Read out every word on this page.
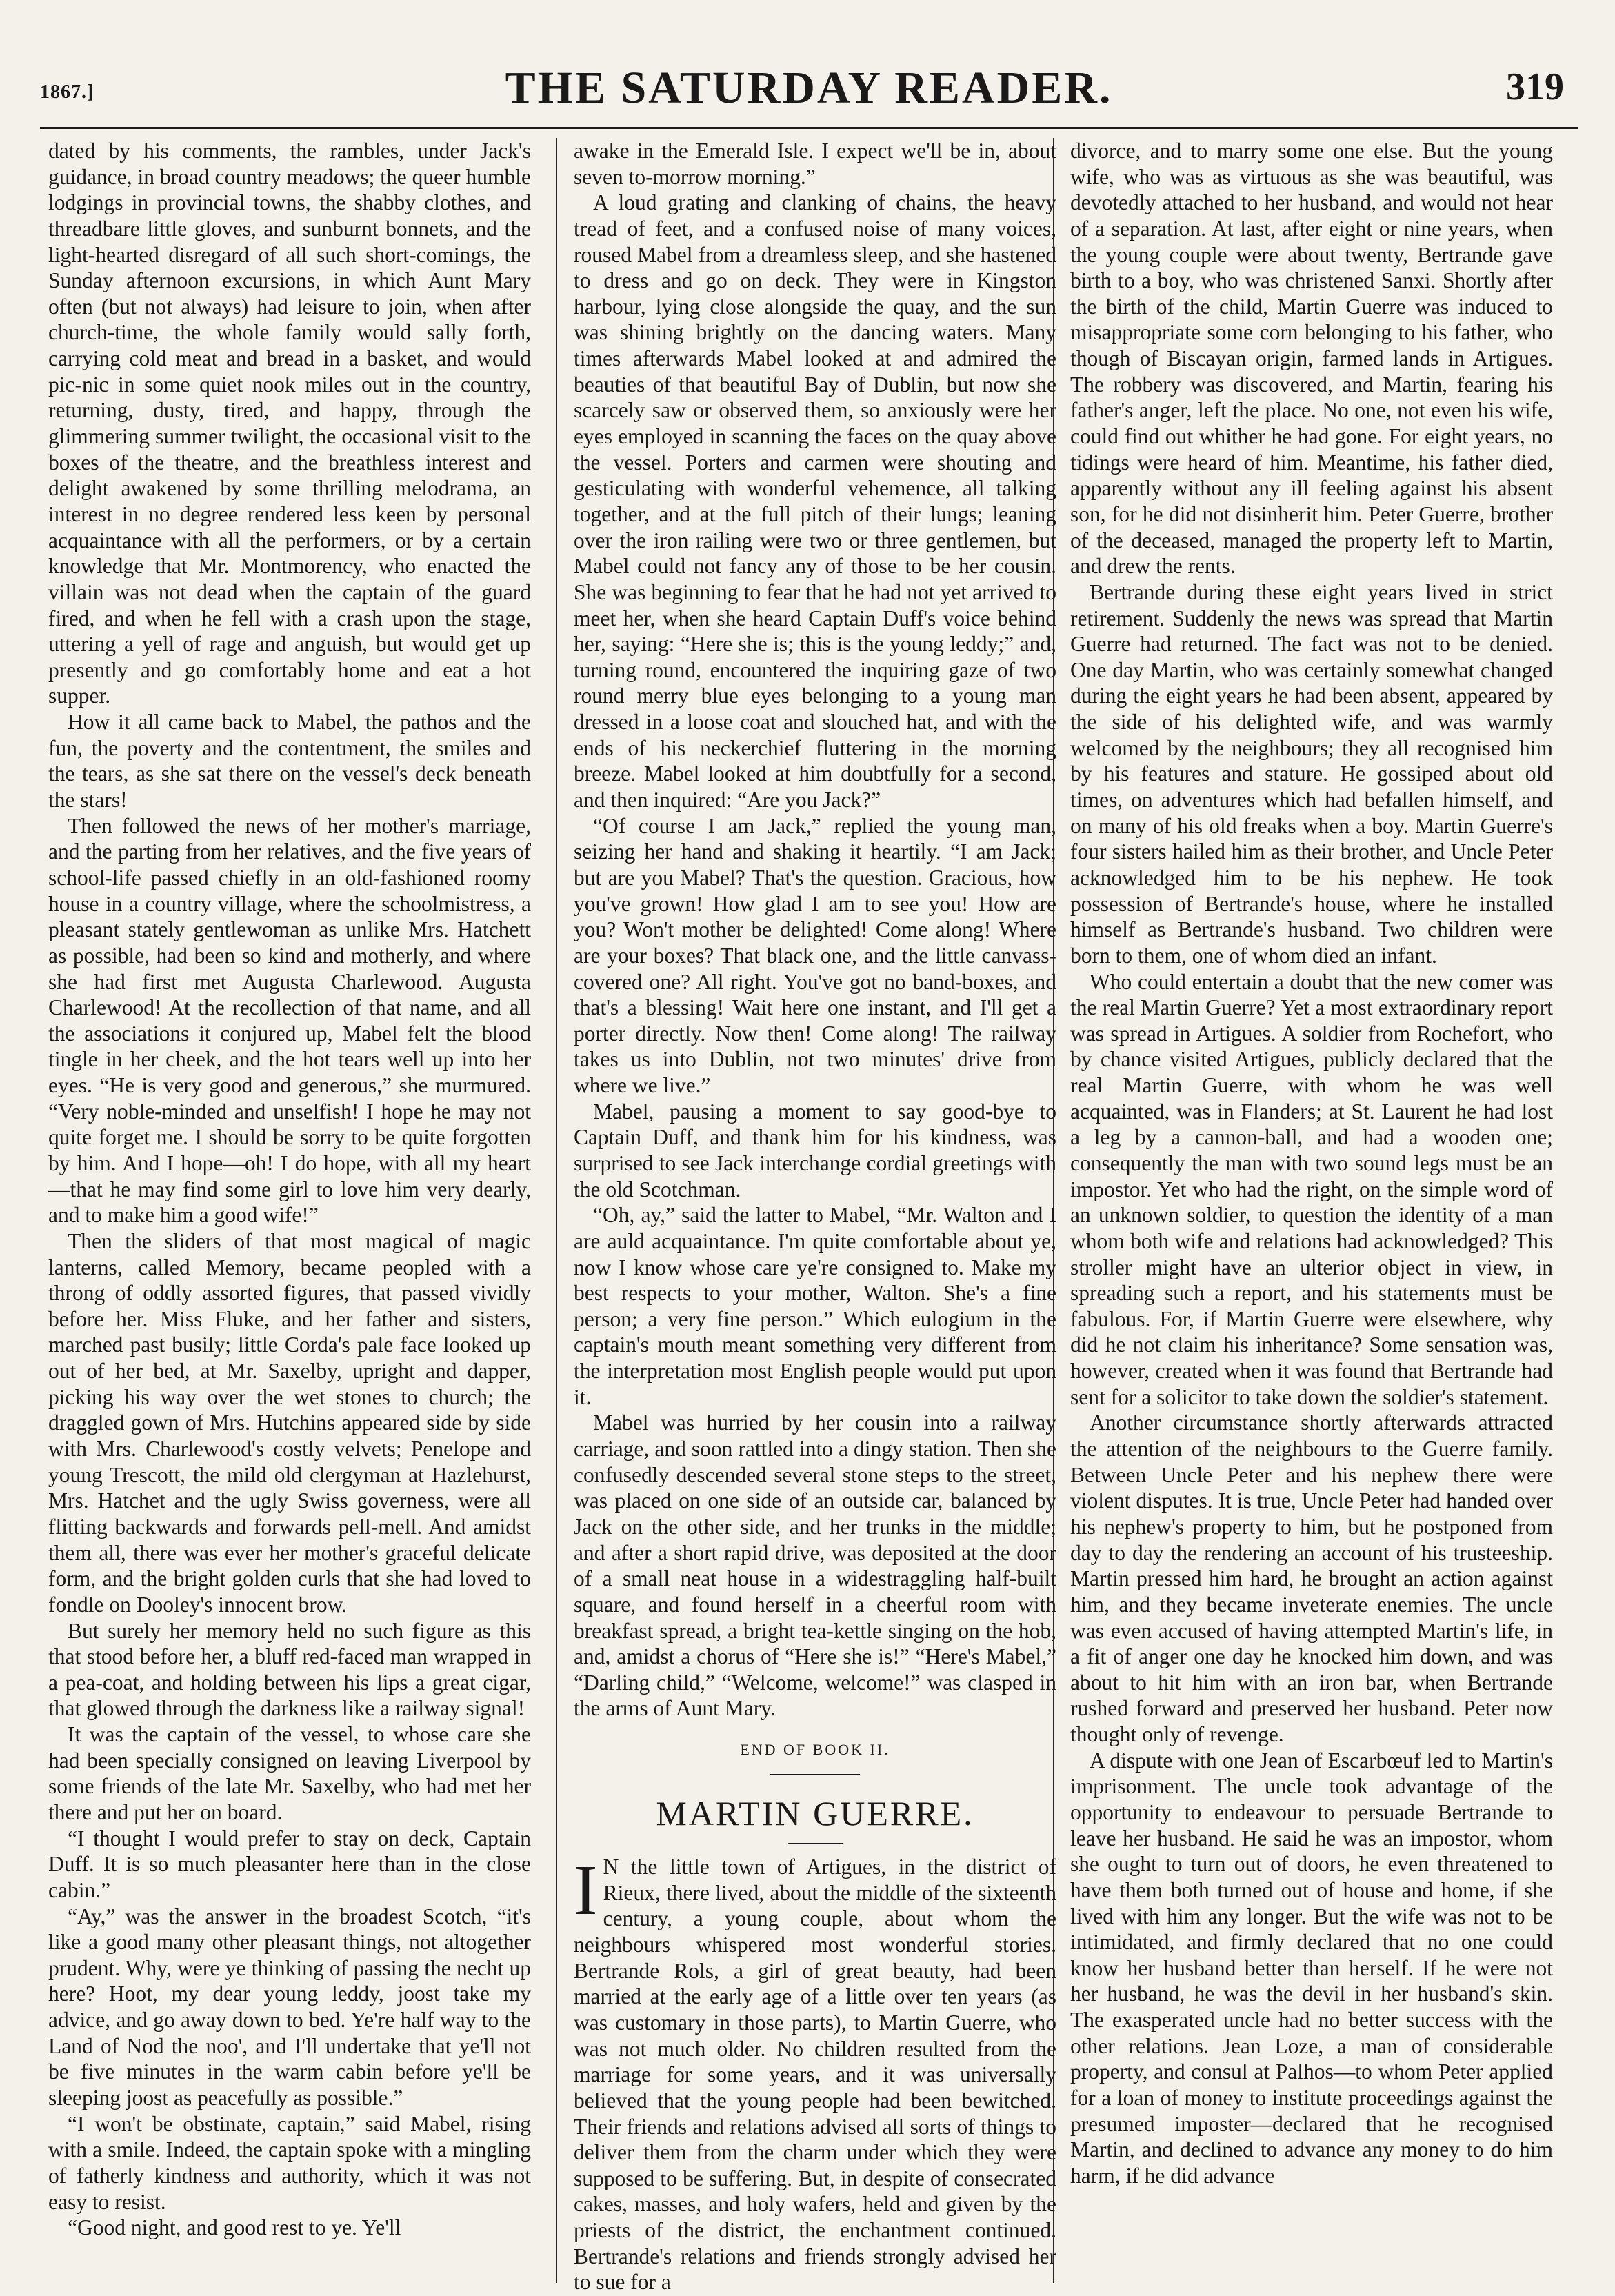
1867.]	THE SATURDAY READER.	319

dated by his comments, the rambles, under Jack's guidance, in broad country meadows; the queer humble lodgings in provincial towns, the shabby clothes, and threadbare little gloves, and sunburnt bonnets, and the light-hearted disregard of all such short-comings, the Sunday afternoon excursions, in which Aunt Mary often (but not always) had leisure to join, when after church-time, the whole family would sally forth, carrying cold meat and bread in a basket, and would pic-nic in some quiet nook miles out in the country, returning, dusty, tired, and happy, through the glimmering summer twilight, the occasional visit to the boxes of the theatre, and the breathless interest and delight awakened by some thrilling melodrama, an interest in no degree rendered less keen by personal acquaintance with all the performers, or by a certain knowledge that Mr. Montmorency, who enacted the villain was not dead when the captain of the guard fired, and when he fell with a crash upon the stage, uttering a yell of rage and anguish, but would get up presently and go comfortably home and eat a hot supper.

How it all came back to Mabel, the pathos and the fun, the poverty and the contentment, the smiles and the tears, as she sat there on the vessel's deck beneath the stars!

Then followed the news of her mother's marriage, and the parting from her relatives, and the five years of school-life passed chiefly in an old-fashioned roomy house in a country village, where the schoolmistress, a pleasant stately gentlewoman as unlike Mrs. Hatchett as possible, had been so kind and motherly, and where she had first met Augusta Charlewood. Augusta Charlewood! At the recollection of that name, and all the associations it conjured up, Mabel felt the blood tingle in her cheek, and the hot tears well up into her eyes. “He is very good and generous,” she murmured. “Very noble-minded and unselfish! I hope he may not quite forget me. I should be sorry to be quite forgotten by him. And I hope—oh! I do hope, with all my heart—that he may find some girl to love him very dearly, and to make him a good wife!”

Then the sliders of that most magical of magic lanterns, called Memory, became peopled with a throng of oddly assorted figures, that passed vividly before her. Miss Fluke, and her father and sisters, marched past busily; little Corda's pale face looked up out of her bed, at Mr. Saxelby, upright and dapper, picking his way over the wet stones to church; the draggled gown of Mrs. Hutchins appeared side by side with Mrs. Charlewood's costly velvets; Penelope and young Trescott, the mild old clergyman at Hazlehurst, Mrs. Hatchet and the ugly Swiss governess, were all flitting backwards and forwards pell-mell. And amidst them all, there was ever her mother's graceful delicate form, and the bright golden curls that she had loved to fondle on Dooley's innocent brow.

But surely her memory held no such figure as this that stood before her, a bluff red-faced man wrapped in a pea-coat, and holding between his lips a great cigar, that glowed through the darkness like a railway signal!

It was the captain of the vessel, to whose care she had been specially consigned on leaving Liverpool by some friends of the late Mr. Saxelby, who had met her there and put her on board.

“I thought I would prefer to stay on deck, Captain Duff. It is so much pleasanter here than in the close cabin.”

“Ay,” was the answer in the broadest Scotch, “it's like a good many other pleasant things, not altogether prudent. Why, were ye thinking of passing the necht up here? Hoot, my dear young leddy, joost take my advice, and go away down to bed. Ye're half way to the Land of Nod the noo', and I'll undertake that ye'll not be five minutes in the warm cabin before ye'll be sleeping joost as peacefully as possible.”

“I won't be obstinate, captain,” said Mabel, rising with a smile. Indeed, the captain spoke with a mingling of fatherly kindness and authority, which it was not easy to resist.

“Good night, and good rest to ye. Ye'll

awake in the Emerald Isle. I expect we'll be in, about seven to-morrow morning.”

A loud grating and clanking of chains, the heavy tread of feet, and a confused noise of many voices, roused Mabel from a dreamless sleep, and she hastened to dress and go on deck. They were in Kingston harbour, lying close alongside the quay, and the sun was shining brightly on the dancing waters. Many times afterwards Mabel looked at and admired the beauties of that beautiful Bay of Dublin, but now she scarcely saw or observed them, so anxiously were her eyes employed in scanning the faces on the quay above the vessel. Porters and carmen were shouting and gesticulating with wonderful vehemence, all talking together, and at the full pitch of their lungs; leaning over the iron railing were two or three gentlemen, but Mabel could not fancy any of those to be her cousin. She was beginning to fear that he had not yet arrived to meet her, when she heard Captain Duff's voice behind her, saying: “Here she is; this is the young leddy;” and, turning round, encountered the inquiring gaze of two round merry blue eyes belonging to a young man dressed in a loose coat and slouched hat, and with the ends of his neckerchief fluttering in the morning breeze. Mabel looked at him doubtfully for a second, and then inquired: “Are you Jack?”

“Of course I am Jack,” replied the young man, seizing her hand and shaking it heartily. “I am Jack; but are you Mabel? That's the question. Gracious, how you've grown! How glad I am to see you! How are you? Won't mother be delighted! Come along! Where are your boxes? That black one, and the little canvass-covered one? All right. You've got no band-boxes, and that's a blessing! Wait here one instant, and I'll get a porter directly. Now then! Come along! The railway takes us into Dublin, not two minutes' drive from where we live.”

Mabel, pausing a moment to say good-bye to Captain Duff, and thank him for his kindness, was surprised to see Jack interchange cordial greetings with the old Scotchman.

“Oh, ay,” said the latter to Mabel, “Mr. Walton and I are auld acquaintance. I'm quite comfortable about ye, now I know whose care ye're consigned to. Make my best respects to your mother, Walton. She's a fine person; a very fine person.” Which eulogium in the captain's mouth meant something very different from the interpretation most English people would put upon it.

Mabel was hurried by her cousin into a railway carriage, and soon rattled into a dingy station. Then she confusedly descended several stone steps to the street, was placed on one side of an outside car, balanced by Jack on the other side, and her trunks in the middle; and after a short rapid drive, was deposited at the door of a small neat house in a widestraggling half-built square, and found herself in a cheerful room with breakfast spread, a bright tea-kettle singing on the hob, and, amidst a chorus of “Here she is!” “Here's Mabel,” “Darling child,” “Welcome, welcome!” was clasped in the arms of Aunt Mary.

END OF BOOK II.
MARTIN GUERRE.

I N the little town of Artigues, in the district of Rieux, there lived, about the middle of the sixteenth century, a young couple, about whom the neighbours whispered most wonderful stories. Bertrande Rols, a girl of great beauty, had been married at the early age of a little over ten years (as was customary in those parts), to Martin Guerre, who was not much older. No children resulted from the marriage for some years, and it was universally believed that the young people had been bewitched. Their friends and relations advised all sorts of things to deliver them from the charm under which they were supposed to be suffering. But, in despite of consecrated cakes, masses, and holy wafers, held and given by the priests of the district, the enchantment continued. Bertrande's relations and friends strongly advised her to sue for a

divorce, and to marry some one else. But the young wife, who was as virtuous as she was beautiful, was devotedly attached to her husband, and would not hear of a separation. At last, after eight or nine years, when the young couple were about twenty, Bertrande gave birth to a boy, who was christened Sanxi. Shortly after the birth of the child, Martin Guerre was induced to misappropriate some corn belonging to his father, who though of Biscayan origin, farmed lands in Artigues. The robbery was discovered, and Martin, fearing his father's anger, left the place. No one, not even his wife, could find out whither he had gone. For eight years, no tidings were heard of him. Meantime, his father died, apparently without any ill feeling against his absent son, for he did not disinherit him. Peter Guerre, brother of the deceased, managed the property left to Martin, and drew the rents.

Bertrande during these eight years lived in strict retirement. Suddenly the news was spread that Martin Guerre had returned. The fact was not to be denied. One day Martin, who was certainly somewhat changed during the eight years he had been absent, appeared by the side of his delighted wife, and was warmly welcomed by the neighbours; they all recognised him by his features and stature. He gossiped about old times, on adventures which had befallen himself, and on many of his old freaks when a boy. Martin Guerre's four sisters hailed him as their brother, and Uncle Peter acknowledged him to be his nephew. He took possession of Bertrande's house, where he installed himself as Bertrande's husband. Two children were born to them, one of whom died an infant.

Who could entertain a doubt that the new comer was the real Martin Guerre? Yet a most extraordinary report was spread in Artigues. A soldier from Rochefort, who by chance visited Artigues, publicly declared that the real Martin Guerre, with whom he was well acquainted, was in Flanders; at St. Laurent he had lost a leg by a cannon-ball, and had a wooden one; consequently the man with two sound legs must be an impostor. Yet who had the right, on the simple word of an unknown soldier, to question the identity of a man whom both wife and relations had acknowledged? This stroller might have an ulterior object in view, in spreading such a report, and his statements must be fabulous. For, if Martin Guerre were elsewhere, why did he not claim his inheritance? Some sensation was, however, created when it was found that Bertrande had sent for a solicitor to take down the soldier's statement.

Another circumstance shortly afterwards attracted the attention of the neighbours to the Guerre family. Between Uncle Peter and his nephew there were violent disputes. It is true, Uncle Peter had handed over his nephew's property to him, but he postponed from day to day the rendering an account of his trusteeship. Martin pressed him hard, he brought an action against him, and they became inveterate enemies. The uncle was even accused of having attempted Martin's life, in a fit of anger one day he knocked him down, and was about to hit him with an iron bar, when Bertrande rushed forward and preserved her husband. Peter now thought only of revenge.

A dispute with one Jean of Escarbœuf led to Martin's imprisonment. The uncle took advantage of the opportunity to endeavour to persuade Bertrande to leave her husband. He said he was an impostor, whom she ought to turn out of doors, he even threatened to have them both turned out of house and home, if she lived with him any longer. But the wife was not to be intimidated, and firmly declared that no one could know her husband better than herself. If he were not her husband, he was the devil in her husband's skin. The exasperated uncle had no better success with the other relations. Jean Loze, a man of considerable property, and consul at Palhos—to whom Peter applied for a loan of money to institute proceedings against the presumed imposter—declared that he recognised Martin, and declined to advance any money to do him harm, if he did advance
